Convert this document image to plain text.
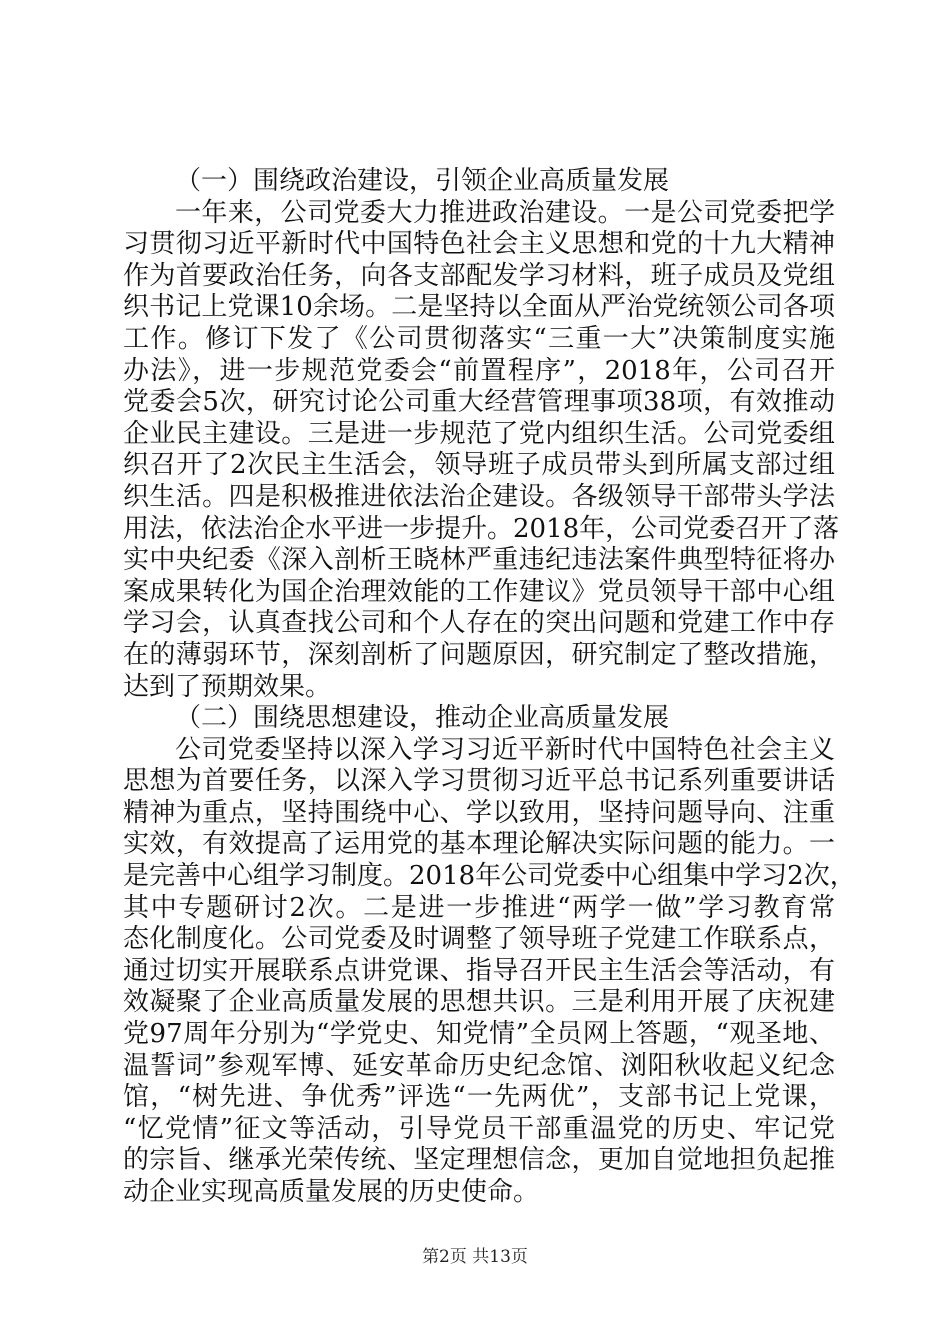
（一）围绕政治建设，引领企业高质量发展
一年来，公司党委大力推进政治建设。一是公司党委把学
习贯彻习近平新时代中国特色社会主义思想和党的十九大精神
作为首要政治任务，向各支部配发学习材料，班子成员及党组
织书记上党课10余场。二是坚持以全面从严治党统领公司各项
工作。修订下发了《公司贯彻落实“三重一大”决策制度实施
办法》，进一步规范党委会“前置程序”，2018年，公司召开
党委会5次，研究讨论公司重大经营管理事项38项，有效推动
企业民主建设。三是进一步规范了党内组织生活。公司党委组
织召开了2次民主生活会，领导班子成员带头到所属支部过组
织生活。四是积极推进依法治企建设。各级领导干部带头学法
用法，依法治企水平进一步提升。2018年，公司党委召开了落
实中央纪委《深入剖析王晓林严重违纪违法案件典型特征将办
案成果转化为国企治理效能的工作建议》党员领导干部中心组
学习会，认真查找公司和个人存在的突出问题和党建工作中存
在的薄弱环节，深刻剖析了问题原因，研究制定了整改措施，
达到了预期效果。
（二）围绕思想建设，推动企业高质量发展
公司党委坚持以深入学习习近平新时代中国特色社会主义
思想为首要任务，以深入学习贯彻习近平总书记系列重要讲话
精神为重点，坚持围绕中心、学以致用，坚持问题导向、注重
实效，有效提高了运用党的基本理论解决实际问题的能力。一
是完善中心组学习制度。2018年公司党委中心组集中学习2次，
其中专题研讨2次。二是进一步推进“两学一做”学习教育常
态化制度化。公司党委及时调整了领导班子党建工作联系点，
通过切实开展联系点讲党课、指导召开民主生活会等活动，有
效凝聚了企业高质量发展的思想共识。三是利用开展了庆祝建
党97周年分别为“学党史、知党情”全员网上答题，“观圣地、
温誓词”参观军博、延安革命历史纪念馆、浏阳秋收起义纪念
馆，“树先进、争优秀”评选“一先两优”，支部书记上党课，
“忆党情”征文等活动，引导党员干部重温党的历史、牢记党
的宗旨、继承光荣传统、坚定理想信念，更加自觉地担负起推
动企业实现高质量发展的历史使命。
第2页 共13页
